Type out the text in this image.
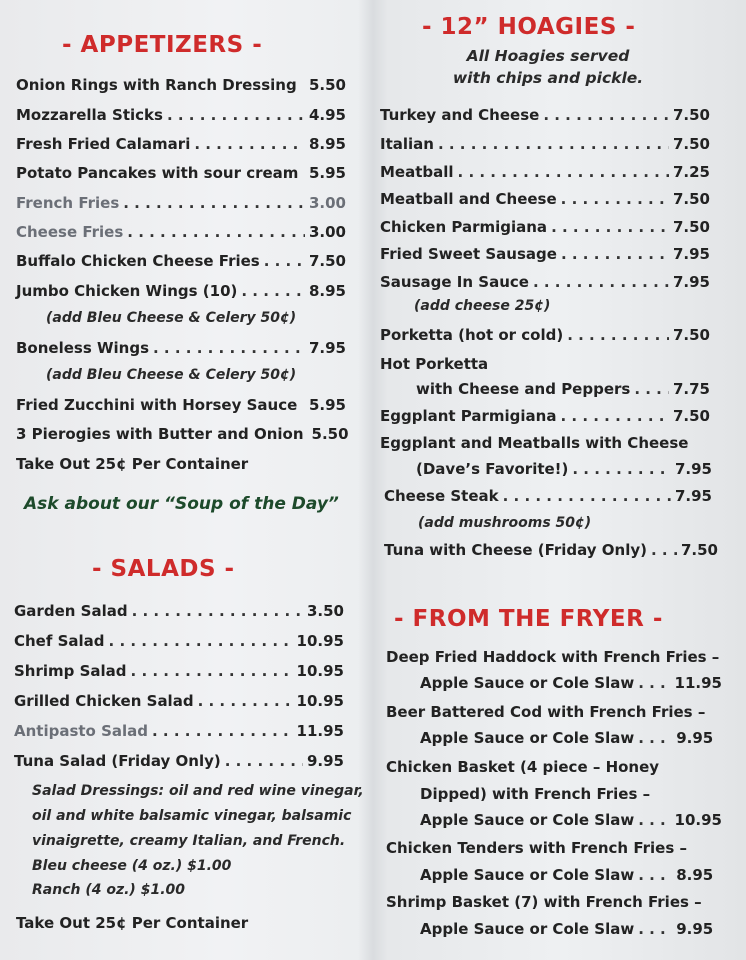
- APPETIZERS -
Onion Rings with Ranch Dressing 5.50
Mozzarella Sticks . . .	4.95
Fresh Fried Calamari . . .	8.95
Potato Pancakes with sour cream 5.95
French Fries . . .	3.00
Cheese Fries . . .	3.00
Buffalo Chicken Cheese Fries . . .	7.50
Jumbo Chicken Wings (10) . . .	8.95
(add Bleu Cheese & Celery 50¢)
Boneless Wings . . .	7.95
(add Bleu Cheese & Celery 50¢)
Fried Zucchini with Horsey Sauce 5.95
3 Pierogies with Butter and Onion 5.50
Take Out 25¢ Per Container
Ask about our “Soup of the Day”
- SALADS -
Garden Salad . . .	3.50
Chef Salad . . .	10.95
Shrimp Salad . . .	10.95
Grilled Chicken Salad . . .	10.95
Antipasto Salad . . .	11.95
Tuna Salad (Friday Only) . . .	9.95
Salad Dressings: oil and red wine vinegar,
oil and white balsamic vinegar, balsamic
vinaigrette, creamy Italian, and French.
Bleu cheese (4 oz.) $1.00
Ranch (4 oz.) $1.00
Take Out 25¢ Per Container
- 12” HOAGIES -
All Hoagies served
with chips and pickle.
Turkey and Cheese . . .	7.50
Italian . . .	7.50
Meatball . . .	7.25
Meatball and Cheese . . .	7.50
Chicken Parmigiana . . .	7.50
Fried Sweet Sausage . . .	7.95
Sausage In Sauce . . .	7.95
(add cheese 25¢)
Porketta (hot or cold) . . .	7.50
Hot Porketta
with Cheese and Peppers . . .	7.75
Eggplant Parmigiana . . .	7.50
Eggplant and Meatballs with Cheese
(Dave’s Favorite!) . . .	7.95
Cheese Steak . . .	7.95
(add mushrooms 50¢)
Tuna with Cheese (Friday Only) . . . 7.50
- FROM THE FRYER -
Deep Fried Haddock with French Fries –
Apple Sauce or Cole Slaw . . .	11.95
Beer Battered Cod with French Fries –
Apple Sauce or Cole Slaw . . .	9.95
Chicken Basket (4 piece – Honey
Dipped) with French Fries –
Apple Sauce or Cole Slaw . . .	10.95
Chicken Tenders with French Fries –
Apple Sauce or Cole Slaw . . .	8.95
Shrimp Basket (7) with French Fries –
Apple Sauce or Cole Slaw . . .	9.95
